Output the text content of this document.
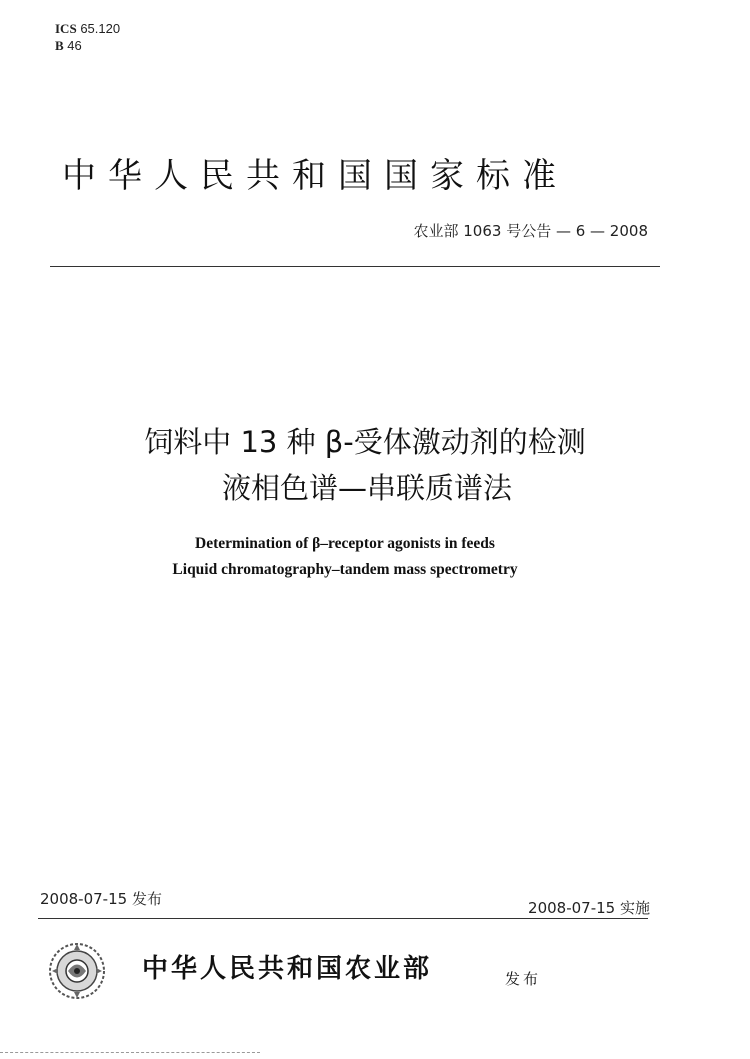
ICS 65.120
B 46
中华人民共和国国家标准
农业部 1063 号公告 — 6 — 2008
饲料中 13 种 β-受体激动剂的检测
液相色谱—串联质谱法
Determination of β–receptor agonists in feeds
Liquid chromatography–tandem mass spectrometry
2008-07-15 发布	2008-07-15 实施
中华人民共和国农业部	发布
